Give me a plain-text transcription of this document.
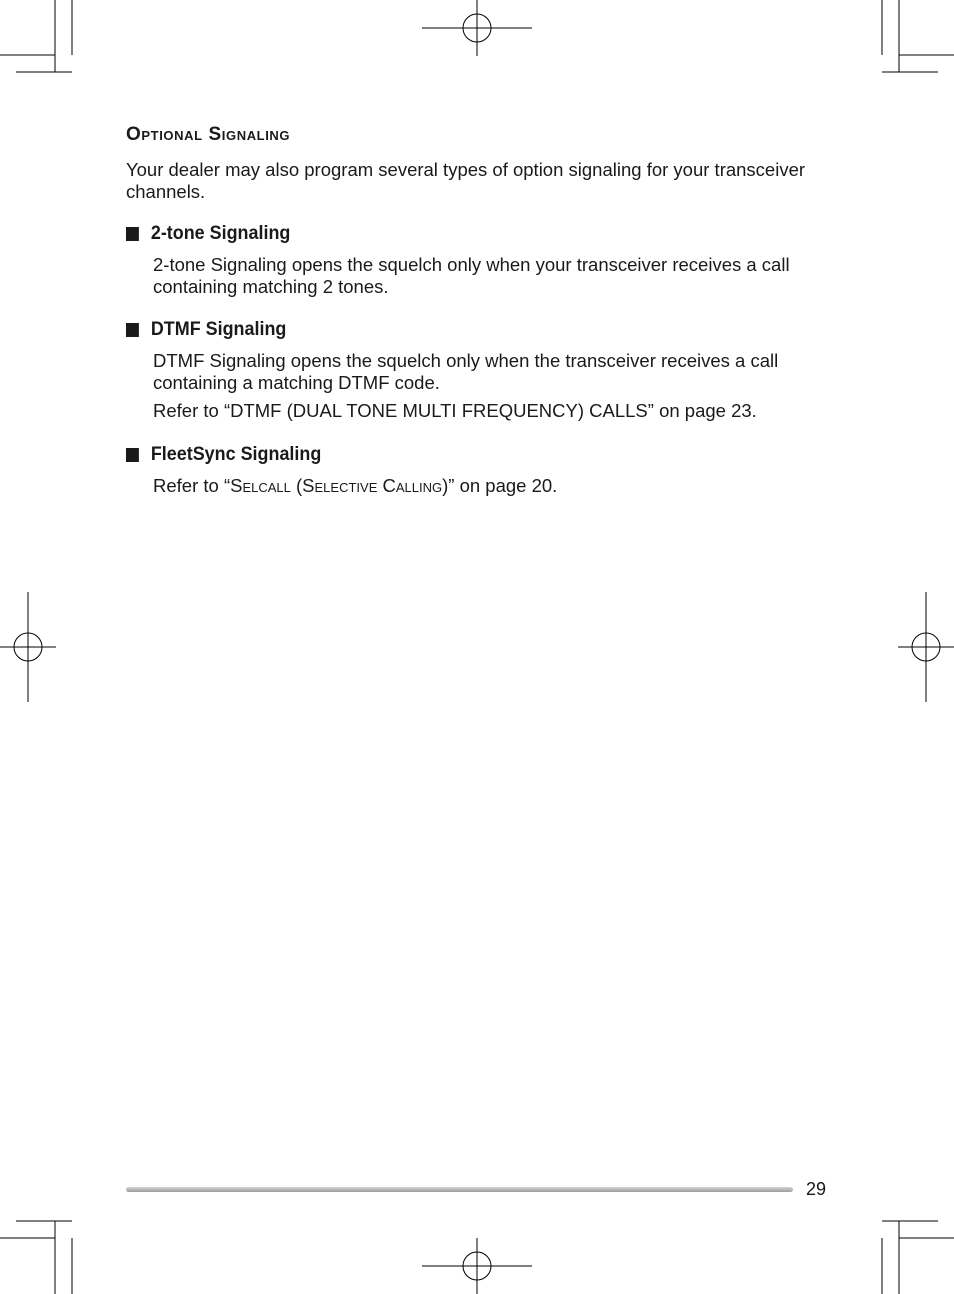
Optional Signaling

Your dealer may also program several types of option signaling for your transceiver channels.

2-tone Signaling

2-tone Signaling opens the squelch only when your transceiver receives a call containing matching 2 tones.

DTMF Signaling

DTMF Signaling opens the squelch only when the transceiver receives a call containing a matching DTMF code.

Refer to “DTMF (DUAL TONE MULTI FREQUENCY) CALLS” on page 23.

FleetSync Signaling

Refer to “Selcall (Selective Calling)” on page 20.

29
